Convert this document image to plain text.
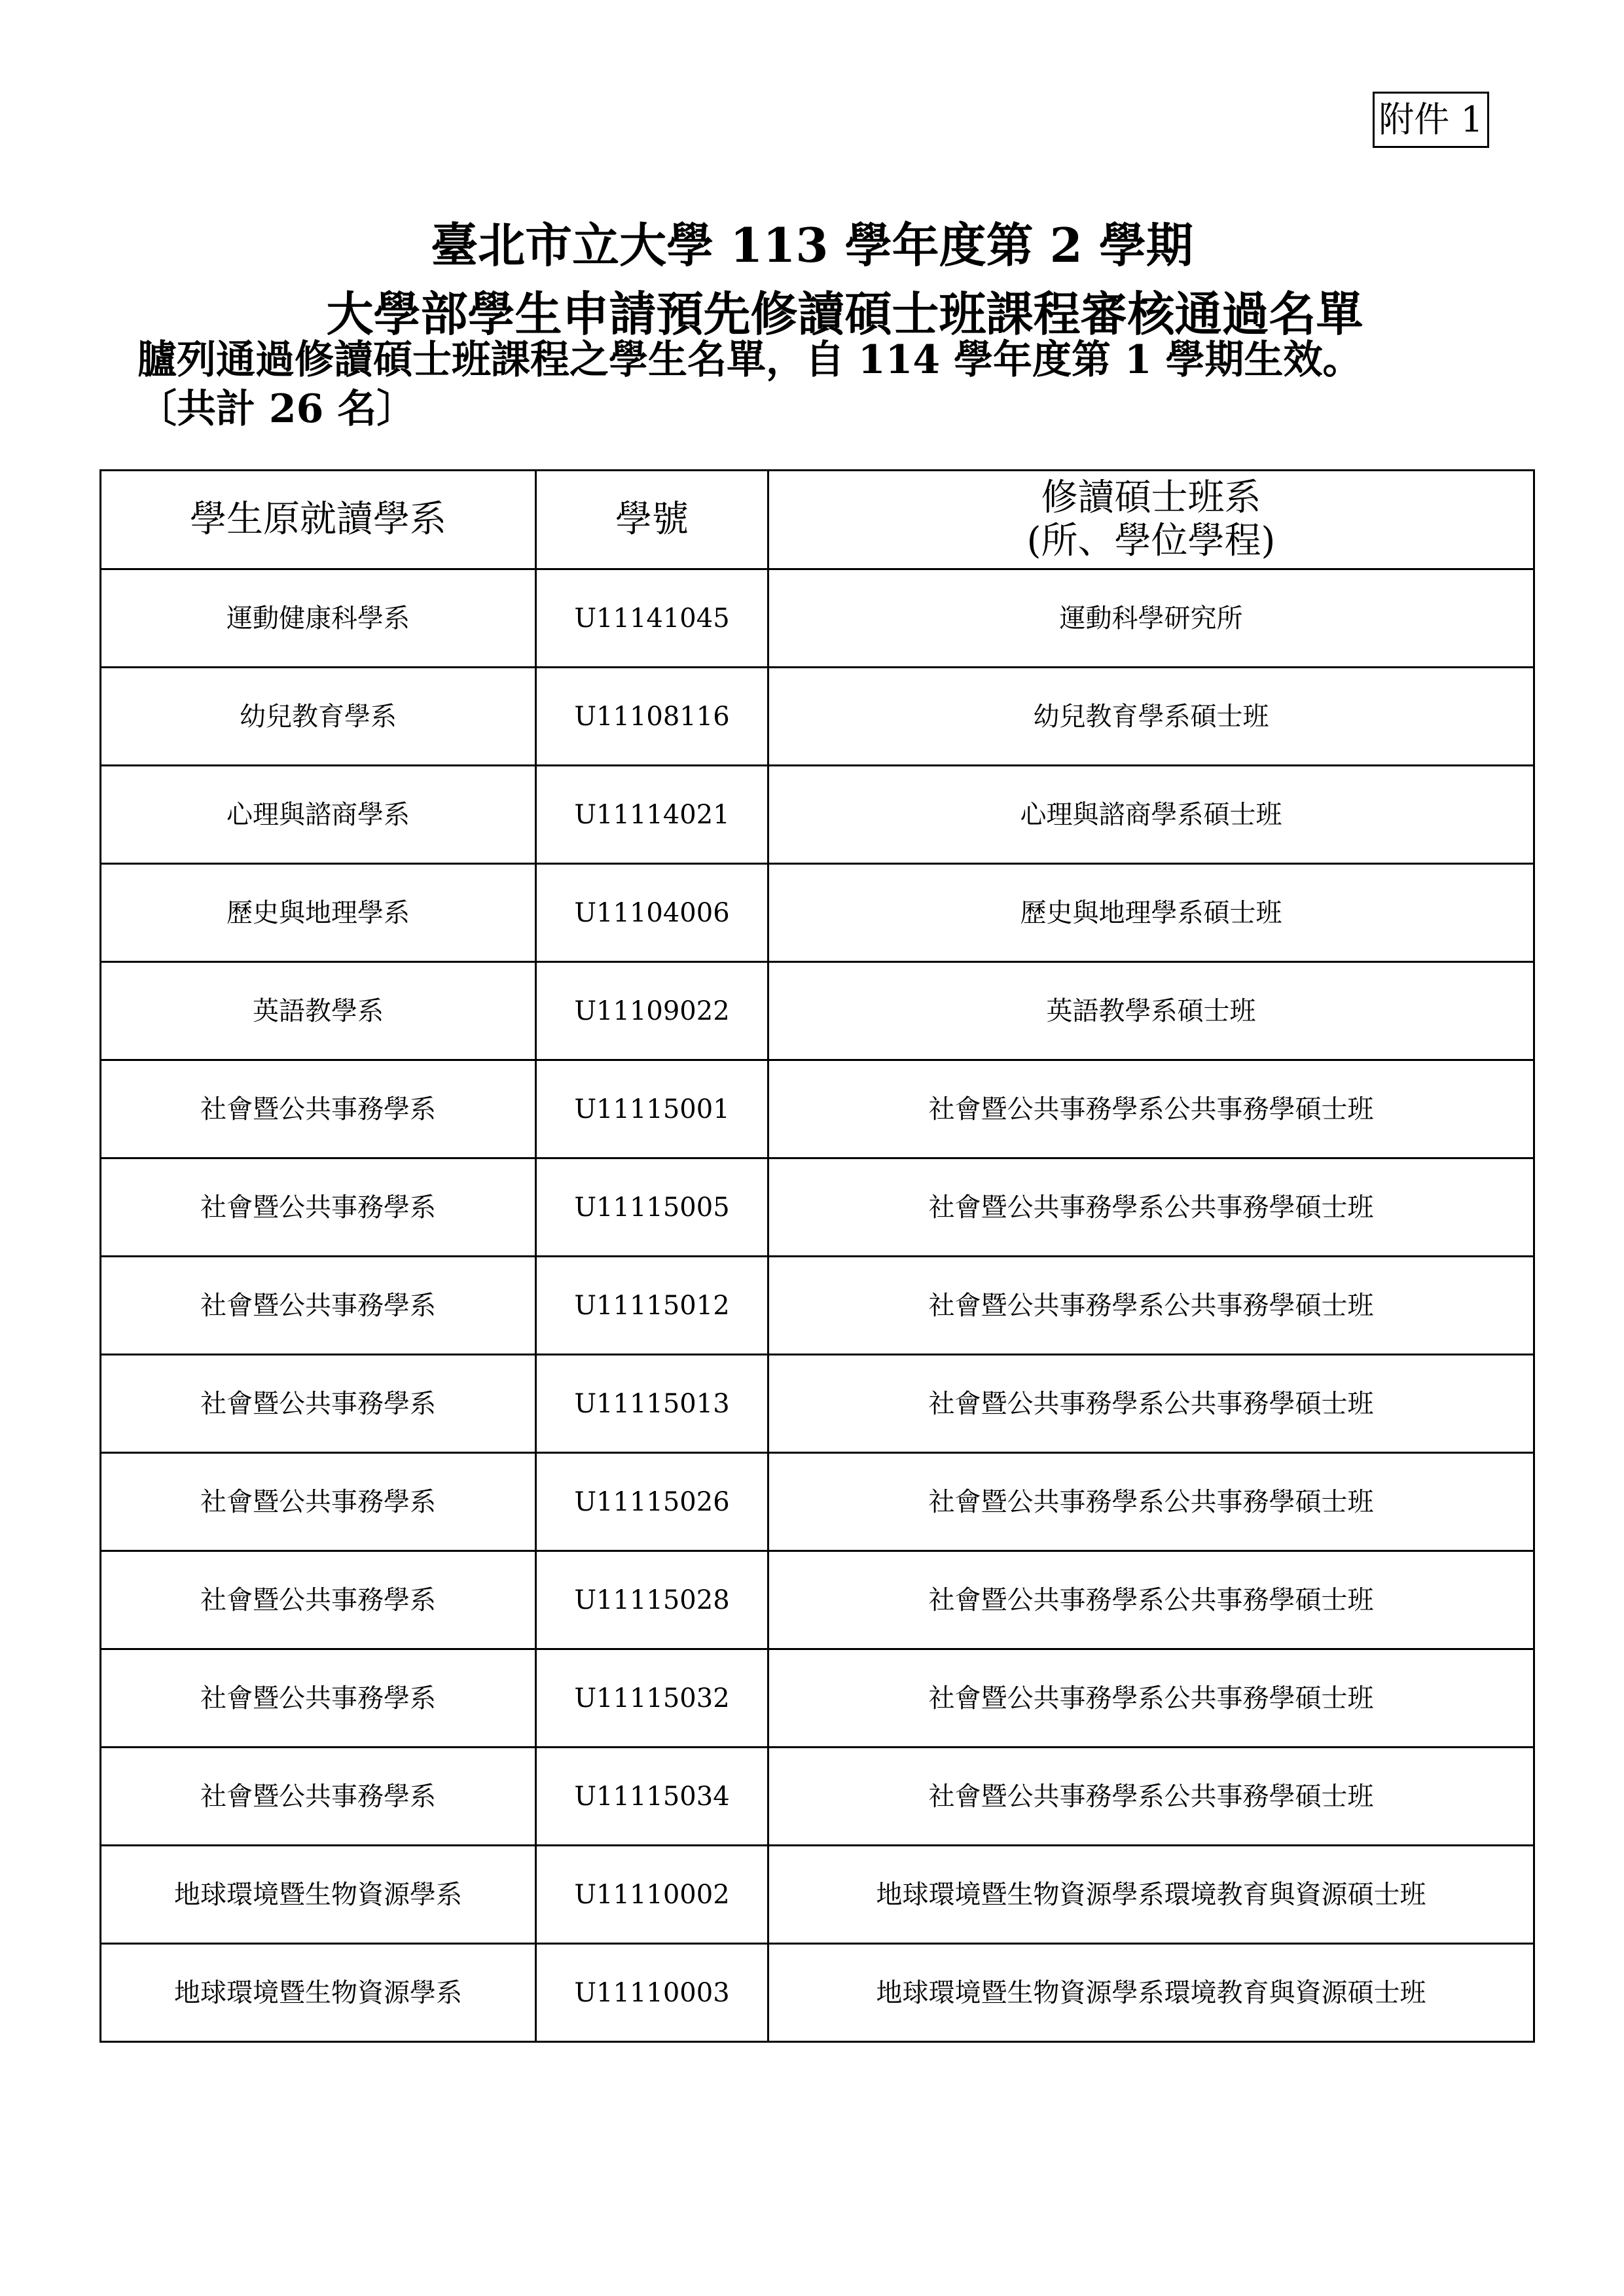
附件 1
臺北市立大學 113 學年度第 2 學期
大學部學生申請預先修讀碩士班課程審核通過名單
臚列通過修讀碩士班課程之學生名單，自 114 學年度第 1 學期生效。
〔共計 26 名〕
學生原就讀學系	學號	修讀碩士班系
(所、學位學程)

運動健康科學系	U11141045	運動科學研究所
幼兒教育學系	U11108116	幼兒教育學系碩士班
心理與諮商學系	U11114021	心理與諮商學系碩士班
歷史與地理學系	U11104006	歷史與地理學系碩士班
英語教學系	U11109022	英語教學系碩士班
社會暨公共事務學系	U11115001	社會暨公共事務學系公共事務學碩士班
社會暨公共事務學系	U11115005	社會暨公共事務學系公共事務學碩士班
社會暨公共事務學系	U11115012	社會暨公共事務學系公共事務學碩士班
社會暨公共事務學系	U11115013	社會暨公共事務學系公共事務學碩士班
社會暨公共事務學系	U11115026	社會暨公共事務學系公共事務學碩士班
社會暨公共事務學系	U11115028	社會暨公共事務學系公共事務學碩士班
社會暨公共事務學系	U11115032	社會暨公共事務學系公共事務學碩士班
社會暨公共事務學系	U11115034	社會暨公共事務學系公共事務學碩士班
地球環境暨生物資源學系	U11110002	地球環境暨生物資源學系環境教育與資源碩士班
地球環境暨生物資源學系	U11110003	地球環境暨生物資源學系環境教育與資源碩士班
